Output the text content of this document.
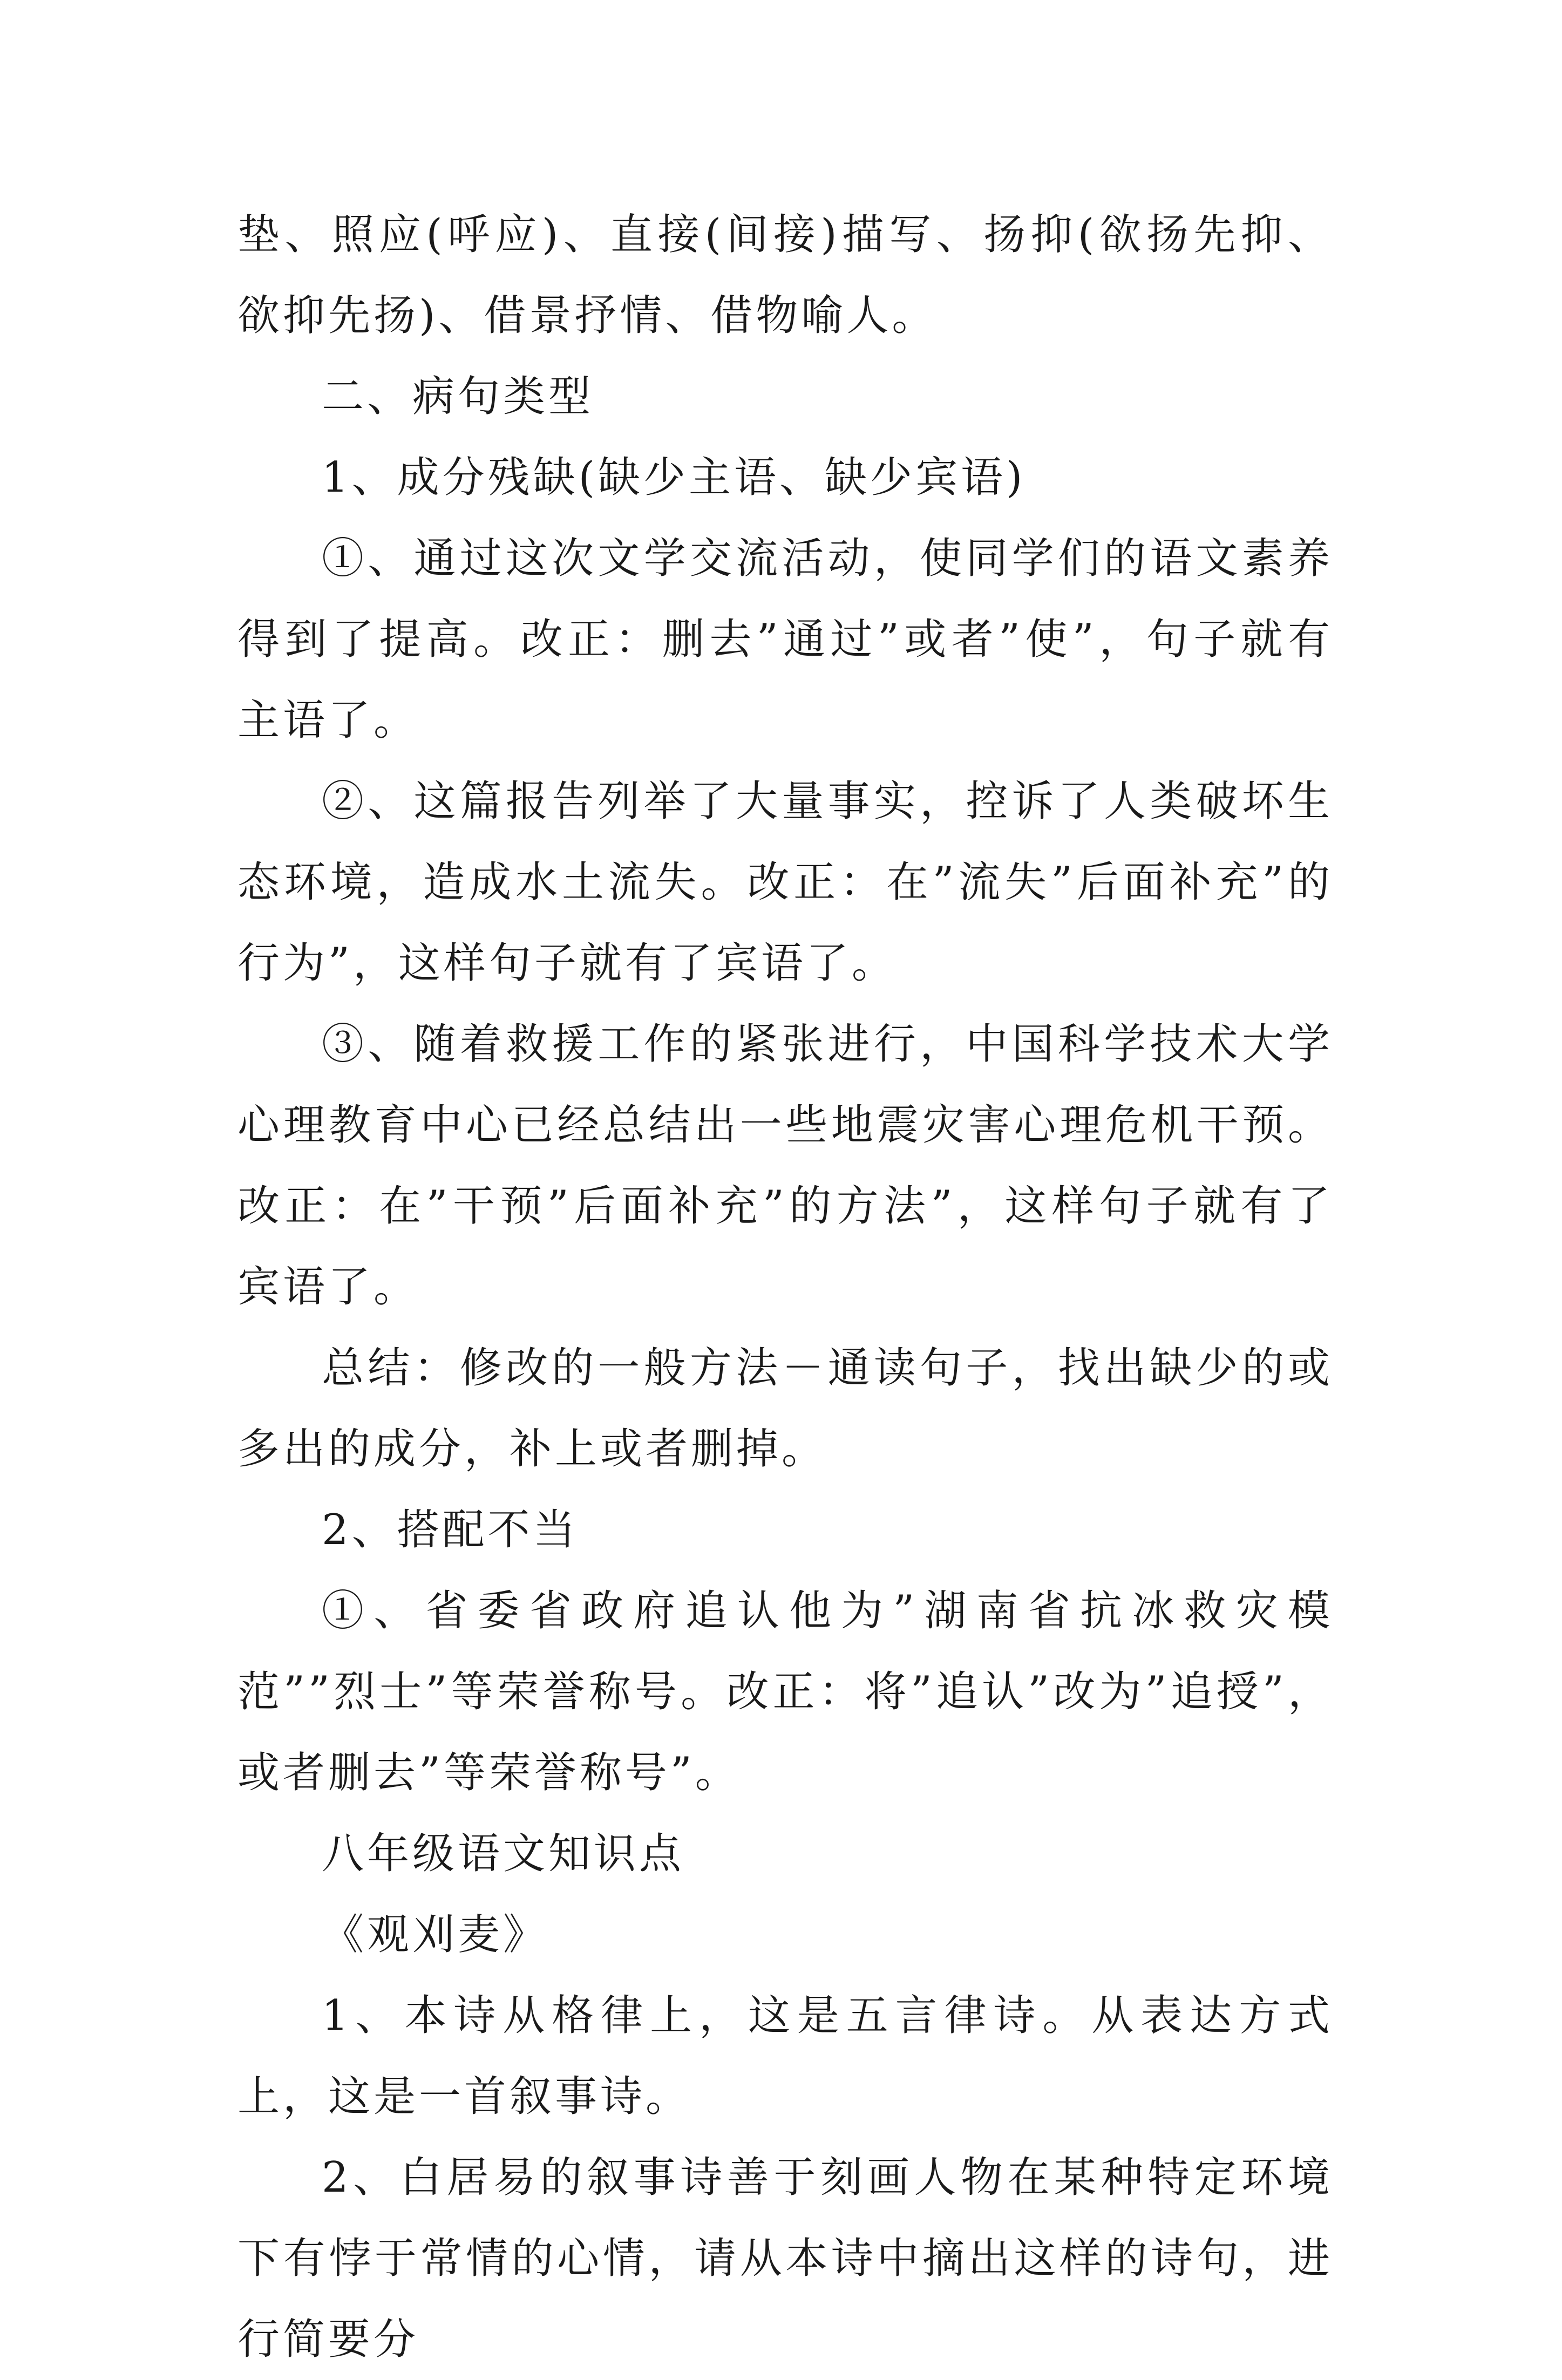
垫、照应(呼应)、直接(间接)描写、扬抑(欲扬先抑、欲抑先扬)、借景抒情、借物喻人。

二、病句类型

1、成分残缺(缺少主语、缺少宾语)

①、通过这次文学交流活动，使同学们的语文素养得到了提高。改正：删去”通过”或者”使”，句子就有主语了。

②、这篇报告列举了大量事实，控诉了人类破坏生态环境，造成水土流失。改正：在”流失”后面补充”的行为”，这样句子就有了宾语了。

③、随着救援工作的紧张进行，中国科学技术大学心理教育中心已经总结出一些地震灾害心理危机干预。改正：在”干预”后面补充”的方法”，这样句子就有了宾语了。

总结：修改的一般方法－通读句子，找出缺少的或多出的成分，补上或者删掉。

2、搭配不当

①、省委省政府追认他为”湖南省抗冰救灾模范””烈士”等荣誉称号。改正：将”追认”改为”追授”，或者删去”等荣誉称号”。

八年级语文知识点

《观刈麦》

1、本诗从格律上，这是五言律诗。从表达方式上，这是一首叙事诗。

2、白居易的叙事诗善于刻画人物在某种特定环境下有悖于常情的心情，请从本诗中摘出这样的诗句，进行简要分
